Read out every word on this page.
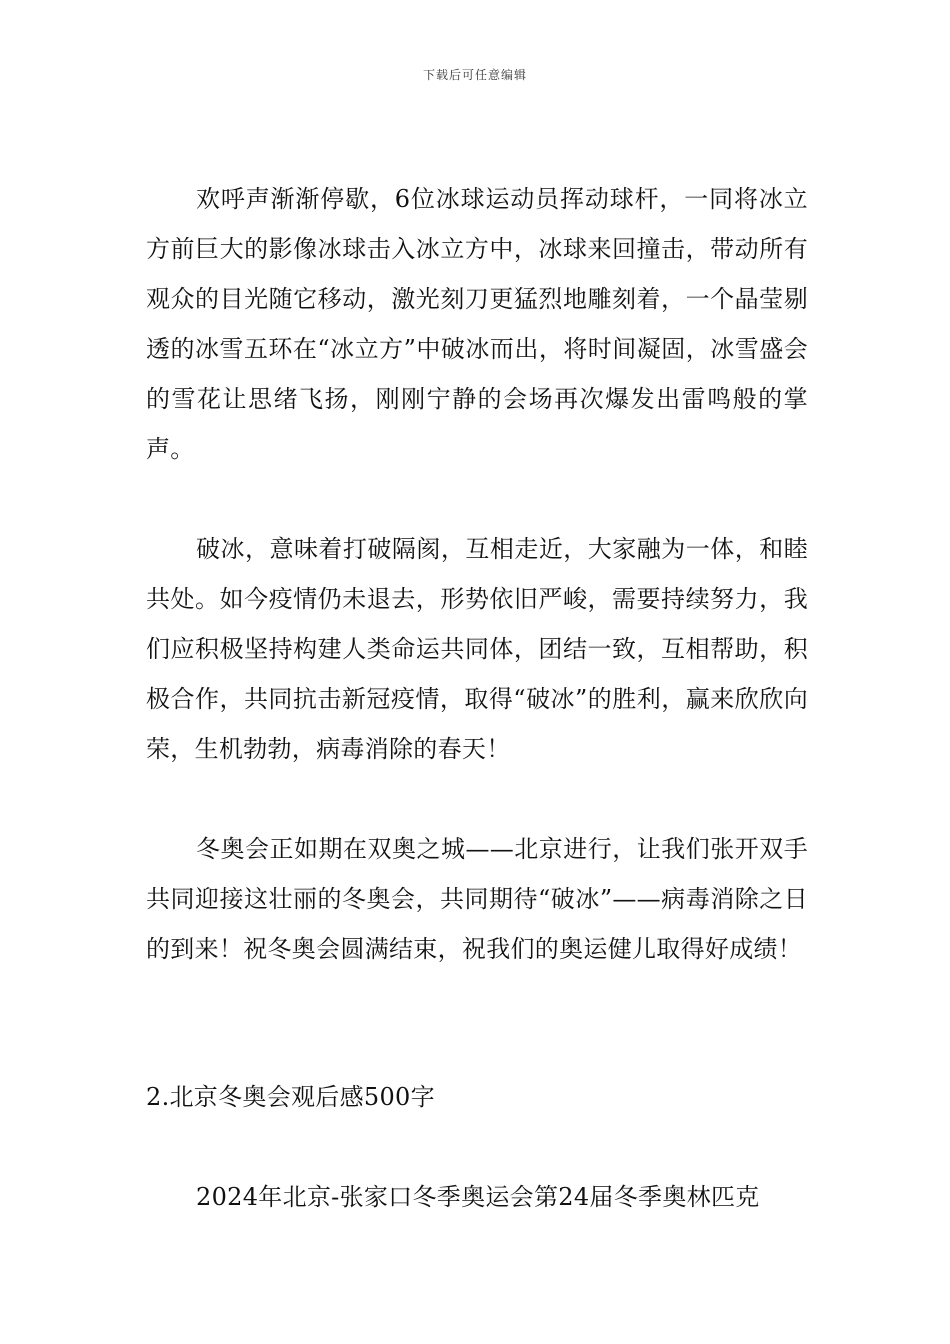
下载后可任意编辑

欢呼声渐渐停歇，6位冰球运动员挥动球杆，一同将冰立方前巨大的影像冰球击入冰立方中，冰球来回撞击，带动所有观众的目光随它移动，激光刻刀更猛烈地雕刻着，一个晶莹剔透的冰雪五环在“冰立方”中破冰而出，将时间凝固，冰雪盛会的雪花让思绪飞扬，刚刚宁静的会场再次爆发出雷鸣般的掌声。

破冰，意味着打破隔阂，互相走近，大家融为一体，和睦共处。如今疫情仍未退去，形势依旧严峻，需要持续努力，我们应积极坚持构建人类命运共同体，团结一致，互相帮助，积极合作，共同抗击新冠疫情，取得“破冰”的胜利，赢来欣欣向荣，生机勃勃，病毒消除的春天！

冬奥会正如期在双奥之城——北京进行，让我们张开双手共同迎接这壮丽的冬奥会，共同期待“破冰”——病毒消除之日的到来！祝冬奥会圆满结束，祝我们的奥运健儿取得好成绩！

2.北京冬奥会观后感500字

2024年北京-张家口冬季奥运会第24届冬季奥林匹克
